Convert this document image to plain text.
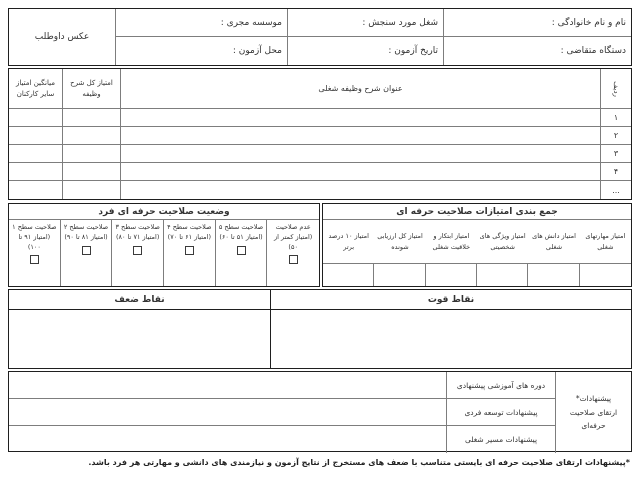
نام و نام خانوادگی :
شغل مورد سنجش :
موسسه مجری :
عکس داوطلب
دستگاه متقاضی :
تاریخ آزمون :
محل آزمون :
ردیف
عنوان شرح وظیفه شغلی
امتیاز کل شرح وظیفه
میانگین امتیاز سایر کارکنان
۱
۲
۳
۴
...
جمع بندی امتیازات صلاحیت حرفه ای
امتیاز مهارتهای شغلی
امتیاز دانش های شغلی
امتیاز ویژگی های شخصیتی
امتیاز ابتکار و خلاقیت شغلی
امتیاز کل ارزیابی شونده
امتیاز ۱۰ درصد برتر
وضعیت صلاحیت حرفه ای فرد
عدم صلاحیت (امتیاز کمتر از ۵۰)
صلاحیت سطح ۵ (امتیاز ۵۱ تا ۶۰)
صلاحیت سطح ۴ (امتیاز ۶۱ تا ۷۰)
صلاحیت سطح ۳ (امتیاز ۷۱ تا ۸۰)
صلاحیت سطح ۲ (امتیاز ۸۱ تا ۹۰)
صلاحیت سطح ۱ (امتیاز ۹۱ تا ۱۰۰)
نقاط قوت
نقاط ضعف
پیشنهادات*
ارتقای صلاحیت
حرفه‌ای
دوره های آموزشی پیشنهادی
پیشنهادات توسعه فردی
پیشنهادات مسیر شغلی
*پیشنهادات ارتقای صلاحیت حرفه ای بایستی متناسب با ضعف های مستخرج از نتایج آزمون و نیازمندی های دانشی و مهارتی هر فرد باشد.
